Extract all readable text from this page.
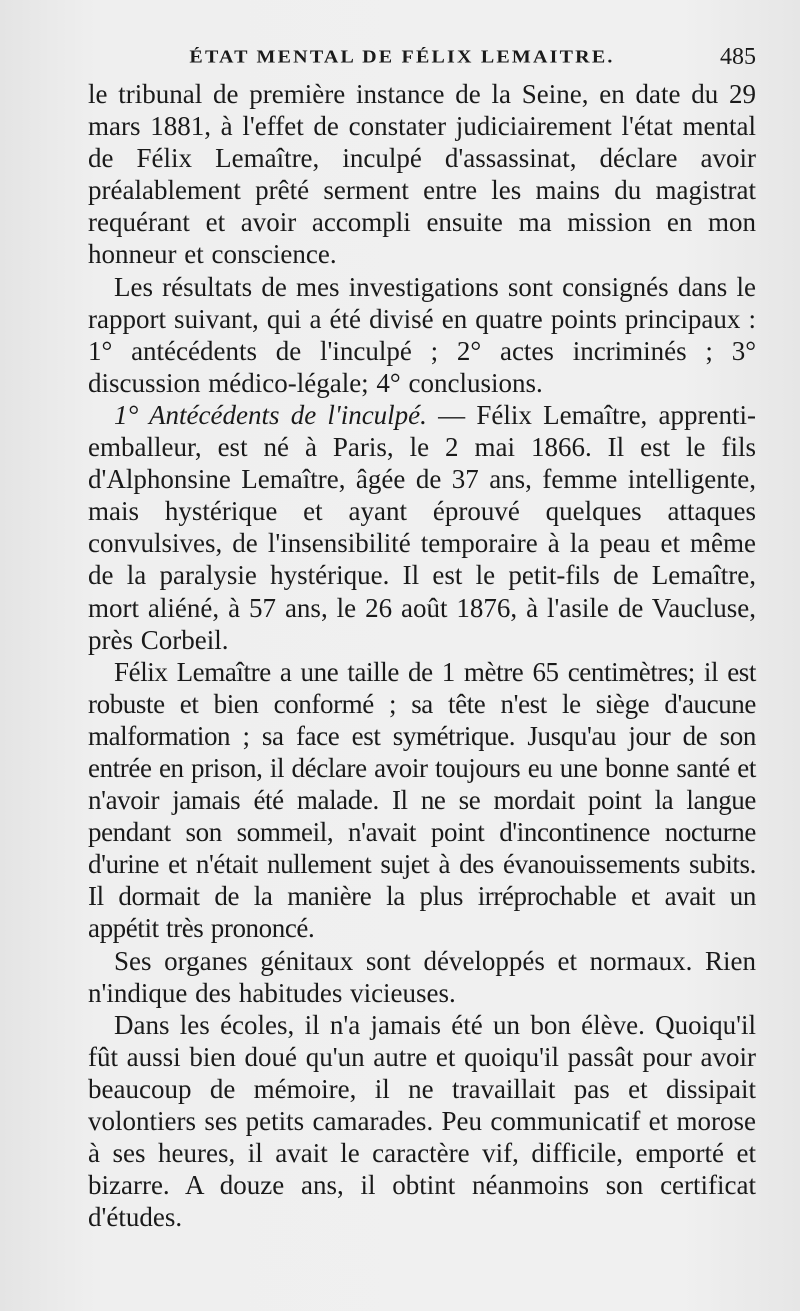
ÉTAT MENTAL DE FÉLIX LEMAITRE.	485

le tribunal de première instance de la Seine, en date du 29 mars 1881, à l'effet de constater judiciairement l'état mental de Félix Lemaître, inculpé d'assassinat, déclare avoir préalablement prêté serment entre les mains du magistrat requérant et avoir accompli ensuite ma mission en mon honneur et conscience.

Les résultats de mes investigations sont consignés dans le rapport suivant, qui a été divisé en quatre points principaux : 1° antécédents de l'inculpé ; 2° actes incriminés ; 3° discussion médico-légale; 4° conclusions.

1° Antécédents de l'inculpé. — Félix Lemaître, apprenti-emballeur, est né à Paris, le 2 mai 1866. Il est le fils d'Alphonsine Lemaître, âgée de 37 ans, femme intelligente, mais hystérique et ayant éprouvé quelques attaques convulsives, de l'insensibilité temporaire à la peau et même de la paralysie hystérique. Il est le petit-fils de Lemaître, mort aliéné, à 57 ans, le 26 août 1876, à l'asile de Vaucluse, près Corbeil.

Félix Lemaître a une taille de 1 mètre 65 centimètres; il est robuste et bien conformé ; sa tête n'est le siège d'aucune malformation ; sa face est symétrique. Jusqu'au jour de son entrée en prison, il déclare avoir toujours eu une bonne santé et n'avoir jamais été malade. Il ne se mordait point la langue pendant son sommeil, n'avait point d'incontinence nocturne d'urine et n'était nullement sujet à des évanouissements subits. Il dormait de la manière la plus irréprochable et avait un appétit très prononcé.

Ses organes génitaux sont développés et normaux. Rien n'indique des habitudes vicieuses.

Dans les écoles, il n'a jamais été un bon élève. Quoiqu'il fût aussi bien doué qu'un autre et quoiqu'il passât pour avoir beaucoup de mémoire, il ne travaillait pas et dissipait volontiers ses petits camarades. Peu communicatif et morose à ses heures, il avait le caractère vif, difficile, emporté et bizarre. A douze ans, il obtint néanmoins son certificat d'études.
